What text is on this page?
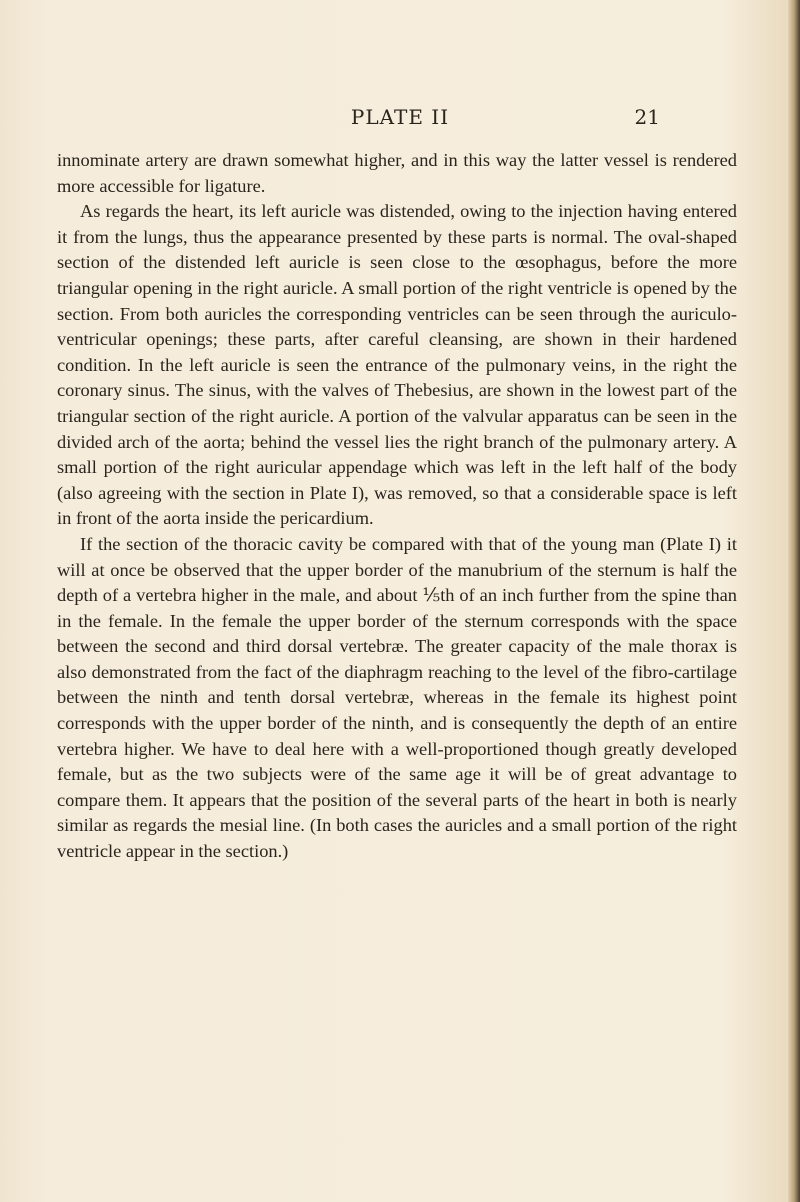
PLATE II	21

innominate artery are drawn somewhat higher, and in this way the latter vessel is rendered more accessible for ligature.

As regards the heart, its left auricle was distended, owing to the injection having entered it from the lungs, thus the appearance presented by these parts is normal. The oval-shaped section of the distended left auricle is seen close to the œsophagus, before the more triangular opening in the right auricle. A small portion of the right ventricle is opened by the section. From both auricles the corresponding ventricles can be seen through the auriculo-ventricular openings; these parts, after careful cleansing, are shown in their hardened condition. In the left auricle is seen the entrance of the pulmonary veins, in the right the coronary sinus. The sinus, with the valves of Thebesius, are shown in the lowest part of the triangular section of the right auricle. A portion of the valvular apparatus can be seen in the divided arch of the aorta; behind the vessel lies the right branch of the pulmonary artery. A small portion of the right auricular appendage which was left in the left half of the body (also agreeing with the section in Plate I), was removed, so that a considerable space is left in front of the aorta inside the pericardium.

If the section of the thoracic cavity be compared with that of the young man (Plate I) it will at once be observed that the upper border of the manubrium of the sternum is half the depth of a vertebra higher in the male, and about ⅕th of an inch further from the spine than in the female. In the female the upper border of the sternum corresponds with the space between the second and third dorsal vertebræ. The greater capacity of the male thorax is also demonstrated from the fact of the diaphragm reaching to the level of the fibro-cartilage between the ninth and tenth dorsal vertebræ, whereas in the female its highest point corresponds with the upper border of the ninth, and is consequently the depth of an entire vertebra higher. We have to deal here with a well-proportioned though greatly developed female, but as the two subjects were of the same age it will be of great advantage to compare them. It appears that the position of the several parts of the heart in both is nearly similar as regards the mesial line. (In both cases the auricles and a small portion of the right ventricle appear in the section.)
